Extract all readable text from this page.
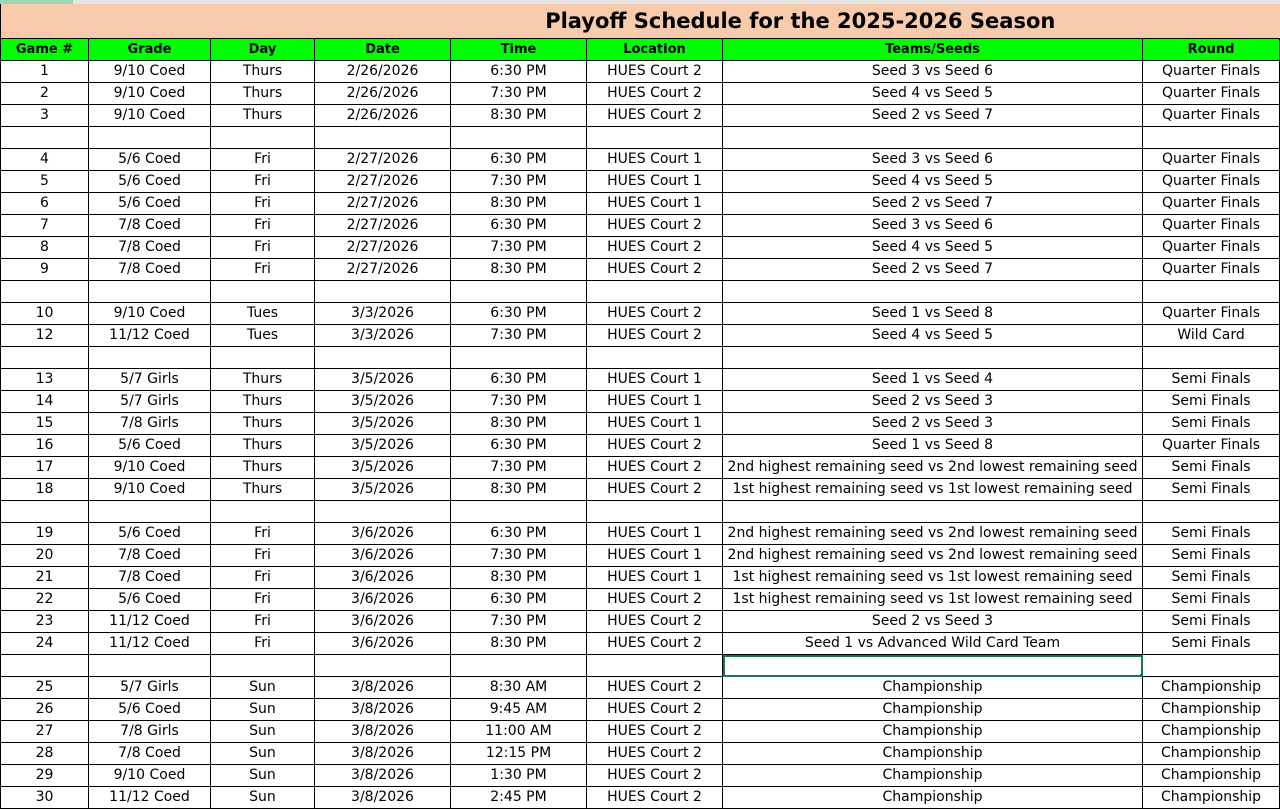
Playoff Schedule for the 2025-2026 Season							
Game #	Grade	Day	Date	Time	Location	Teams/Seeds	Round
1	9/10 Coed	Thurs	2/26/2026	6:30 PM	HUES Court 2	Seed 3 vs Seed 6	Quarter Finals
2	9/10 Coed	Thurs	2/26/2026	7:30 PM	HUES Court 2	Seed 4 vs Seed 5	Quarter Finals
3	9/10 Coed	Thurs	2/26/2026	8:30 PM	HUES Court 2	Seed 2 vs Seed 7	Quarter Finals

4	5/6 Coed	Fri	2/27/2026	6:30 PM	HUES Court 1	Seed 3 vs Seed 6	Quarter Finals
5	5/6 Coed	Fri	2/27/2026	7:30 PM	HUES Court 1	Seed 4 vs Seed 5	Quarter Finals
6	5/6 Coed	Fri	2/27/2026	8:30 PM	HUES Court 1	Seed 2 vs Seed 7	Quarter Finals
7	7/8 Coed	Fri	2/27/2026	6:30 PM	HUES Court 2	Seed 3 vs Seed 6	Quarter Finals
8	7/8 Coed	Fri	2/27/2026	7:30 PM	HUES Court 2	Seed 4 vs Seed 5	Quarter Finals
9	7/8 Coed	Fri	2/27/2026	8:30 PM	HUES Court 2	Seed 2 vs Seed 7	Quarter Finals

10	9/10 Coed	Tues	3/3/2026	6:30 PM	HUES Court 2	Seed 1 vs Seed 8	Quarter Finals
12	11/12 Coed	Tues	3/3/2026	7:30 PM	HUES Court 2	Seed 4 vs Seed 5	Wild Card

13	5/7 Girls	Thurs	3/5/2026	6:30 PM	HUES Court 1	Seed 1 vs Seed 4	Semi Finals
14	5/7 Girls	Thurs	3/5/2026	7:30 PM	HUES Court 1	Seed 2 vs Seed 3	Semi Finals
15	7/8 Girls	Thurs	3/5/2026	8:30 PM	HUES Court 1	Seed 2 vs Seed 3	Semi Finals
16	5/6 Coed	Thurs	3/5/2026	6:30 PM	HUES Court 2	Seed 1 vs Seed 8	Quarter Finals
17	9/10 Coed	Thurs	3/5/2026	7:30 PM	HUES Court 2	2nd highest remaining seed vs 2nd lowest remaining seed	Semi Finals
18	9/10 Coed	Thurs	3/5/2026	8:30 PM	HUES Court 2	1st highest remaining seed vs 1st lowest remaining seed	Semi Finals

19	5/6 Coed	Fri	3/6/2026	6:30 PM	HUES Court 1	2nd highest remaining seed vs 2nd lowest remaining seed	Semi Finals
20	7/8 Coed	Fri	3/6/2026	7:30 PM	HUES Court 1	2nd highest remaining seed vs 2nd lowest remaining seed	Semi Finals
21	7/8 Coed	Fri	3/6/2026	8:30 PM	HUES Court 1	1st highest remaining seed vs 1st lowest remaining seed	Semi Finals
22	5/6 Coed	Fri	3/6/2026	6:30 PM	HUES Court 2	1st highest remaining seed vs 1st lowest remaining seed	Semi Finals
23	11/12 Coed	Fri	3/6/2026	7:30 PM	HUES Court 2	Seed 2 vs Seed 3	Semi Finals
24	11/12 Coed	Fri	3/6/2026	8:30 PM	HUES Court 2	Seed 1 vs Advanced Wild Card Team	Semi Finals

25	5/7 Girls	Sun	3/8/2026	8:30 AM	HUES Court 2	Championship	Championship
26	5/6 Coed	Sun	3/8/2026	9:45 AM	HUES Court 2	Championship	Championship
27	7/8 Girls	Sun	3/8/2026	11:00 AM	HUES Court 2	Championship	Championship
28	7/8 Coed	Sun	3/8/2026	12:15 PM	HUES Court 2	Championship	Championship
29	9/10 Coed	Sun	3/8/2026	1:30 PM	HUES Court 2	Championship	Championship
30	11/12 Coed	Sun	3/8/2026	2:45 PM	HUES Court 2	Championship	Championship
